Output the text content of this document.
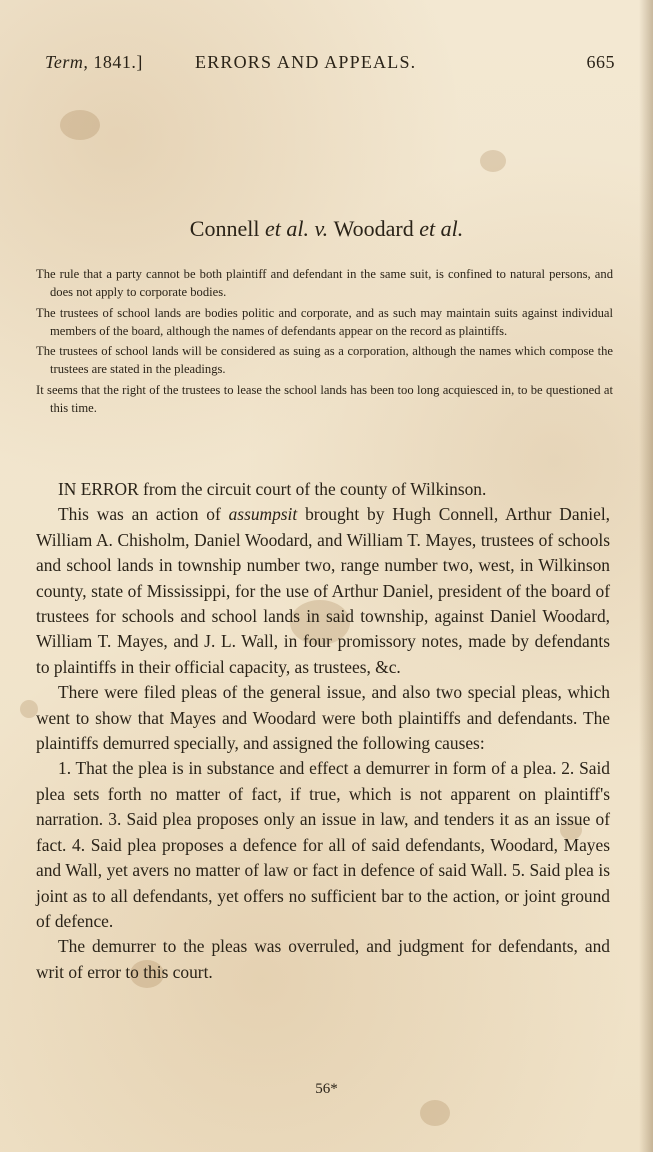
Term, 1841.]	ERRORS AND APPEALS.	665
Connell et al. v. Woodard et al.

The rule that a party cannot be both plaintiff and defendant in the same suit, is confined to natural persons, and does not apply to corporate bodies.

The trustees of school lands are bodies politic and corporate, and as such may maintain suits against individual members of the board, although the names of defendants appear on the record as plaintiffs.

The trustees of school lands will be considered as suing as a corporation, although the names which compose the trustees are stated in the pleadings.

It seems that the right of the trustees to lease the school lands has been too long acquiesced in, to be questioned at this time.

IN ERROR from the circuit court of the county of Wilkinson.

This was an action of assumpsit brought by Hugh Connell, Arthur Daniel, William A. Chisholm, Daniel Woodard, and William T. Mayes, trustees of schools and school lands in township number two, range number two, west, in Wilkinson county, state of Mississippi, for the use of Arthur Daniel, president of the board of trustees for schools and school lands in said township, against Daniel Woodard, William T. Mayes, and J. L. Wall, in four promissory notes, made by defendants to plaintiffs in their official capacity, as trustees, &c.

There were filed pleas of the general issue, and also two special pleas, which went to show that Mayes and Woodard were both plaintiffs and defendants. The plaintiffs demurred specially, and assigned the following causes:

1. That the plea is in substance and effect a demurrer in form of a plea. 2. Said plea sets forth no matter of fact, if true, which is not apparent on plaintiff's narration. 3. Said plea proposes only an issue in law, and tenders it as an issue of fact. 4. Said plea proposes a defence for all of said defendants, Woodard, Mayes and Wall, yet avers no matter of law or fact in defence of said Wall. 5. Said plea is joint as to all defendants, yet offers no sufficient bar to the action, or joint ground of defence.

The demurrer to the pleas was overruled, and judgment for defendants, and writ of error to this court.

56*
